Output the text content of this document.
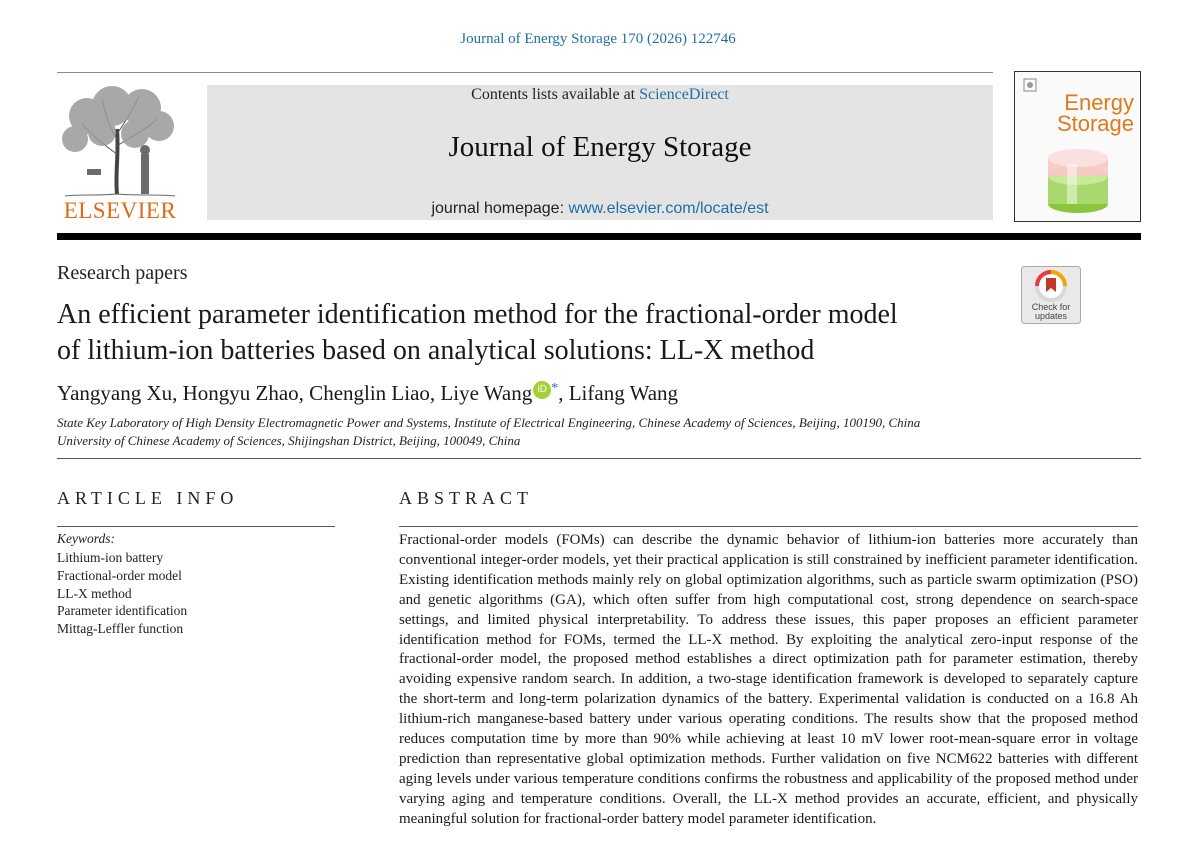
Journal of Energy Storage 170 (2026) 122746
ELSEVIER
Contents lists available at ScienceDirect
Journal of Energy Storage
journal homepage: www.elsevier.com/locate/est
Energy
Storage
Research papers
An efficient parameter identification method for the fractional-order model
of lithium-ion batteries based on analytical solutions: LL-X method
Check for
updates
Yangyang Xu, Hongyu Zhao, Chenglin Liao, Liye Wang iD *, Lifang Wang
State Key Laboratory of High Density Electromagnetic Power and Systems, Institute of Electrical Engineering, Chinese Academy of Sciences, Beijing, 100190, China
University of Chinese Academy of Sciences, Shijingshan District, Beijing, 100049, China
ARTICLE INFO
Keywords:
Lithium-ion battery
Fractional-order model
LL-X method
Parameter identification
Mittag-Leffler function
ABSTRACT
Fractional-order models (FOMs) can describe the dynamic behavior of lithium-ion batteries more accurately than conventional integer-order models, yet their practical application is still constrained by inefficient parameter identification. Existing identification methods mainly rely on global optimization algorithms, such as particle swarm optimization (PSO) and genetic algorithms (GA), which often suffer from high computational cost, strong dependence on search-space settings, and limited physical interpretability. To address these issues, this paper proposes an efficient parameter identification method for FOMs, termed the LL-X method. By exploiting the analytical zero-input response of the fractional-order model, the proposed method establishes a direct optimization path for parameter estimation, thereby avoiding expensive random search. In addition, a two-stage identification framework is developed to separately capture the short-term and long-term polarization dynamics of the battery. Experimental validation is conducted on a 16.8 Ah lithium-rich manganese-based battery under various operating conditions. The results show that the proposed method reduces computation time by more than 90% while achieving at least 10 mV lower root-mean-square error in voltage prediction than representative global optimization methods. Further validation on five NCM622 batteries with different aging levels under various temperature conditions confirms the robustness and applicability of the proposed method under varying aging and temperature conditions. Overall, the LL-X method provides an accurate, efficient, and physically meaningful solution for fractional-order battery model parameter identification.
